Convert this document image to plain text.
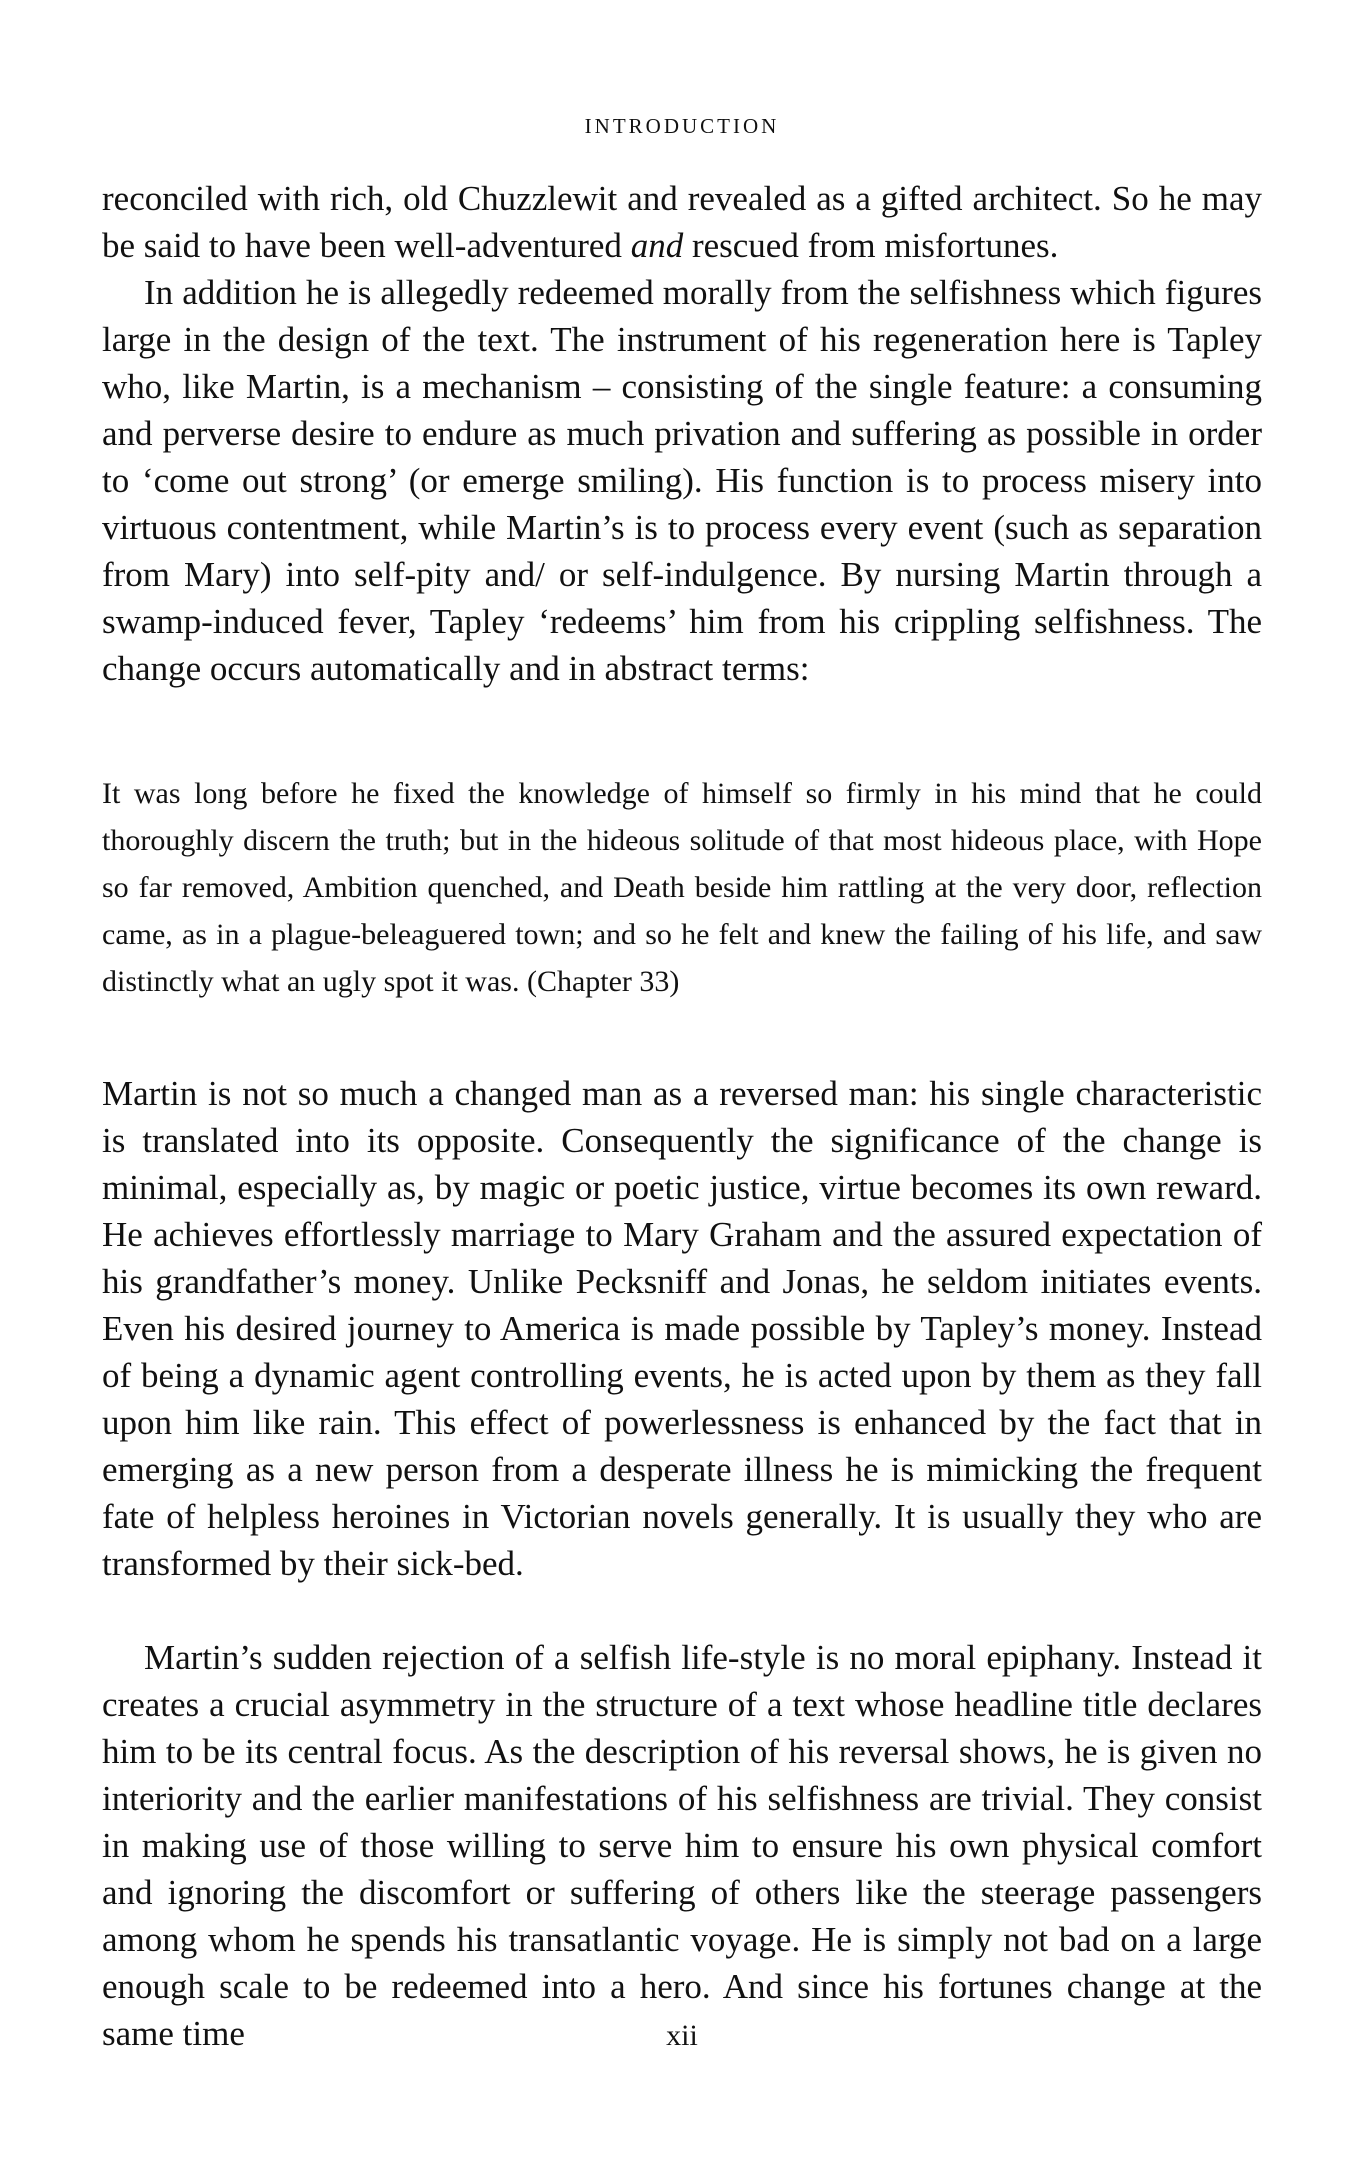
INTRODUCTION

reconciled with rich, old Chuzzlewit and revealed as a gifted architect. So he may be said to have been well-adventured and rescued from misfortunes.

In addition he is allegedly redeemed morally from the selfishness which figures large in the design of the text. The instrument of his regeneration here is Tapley who, like Martin, is a mechanism – consisting of the single feature: a consuming and perverse desire to endure as much privation and suffering as possible in order to ‘come out strong’ (or emerge smiling). His function is to process misery into virtuous contentment, while Martin’s is to process every event (such as separation from Mary) into self-pity and/ or self-indulgence. By nursing Martin through a swamp-induced fever, Tapley ‘redeems’ him from his crippling selfishness. The change occurs automatically and in abstract terms:

It was long before he fixed the knowledge of himself so firmly in his mind that he could thoroughly discern the truth; but in the hideous solitude of that most hideous place, with Hope so far removed, Ambition quenched, and Death beside him rattling at the very door, reflection came, as in a plague-beleaguered town; and so he felt and knew the failing of his life, and saw distinctly what an ugly spot it was. (Chapter 33)

Martin is not so much a changed man as a reversed man: his single characteristic is translated into its opposite. Consequently the significance of the change is minimal, especially as, by magic or poetic justice, virtue becomes its own reward. He achieves effortlessly marriage to Mary Graham and the assured expectation of his grandfather’s money. Unlike Pecksniff and Jonas, he seldom initiates events. Even his desired journey to America is made possible by Tapley’s money. Instead of being a dynamic agent controlling events, he is acted upon by them as they fall upon him like rain. This effect of powerlessness is enhanced by the fact that in emerging as a new person from a desperate illness he is mimicking the frequent fate of helpless heroines in Victorian novels generally. It is usually they who are transformed by their sick-bed.

Martin’s sudden rejection of a selfish life-style is no moral epiphany. Instead it creates a crucial asymmetry in the structure of a text whose headline title declares him to be its central focus. As the description of his reversal shows, he is given no interiority and the earlier manifestations of his selfishness are trivial. They consist in making use of those willing to serve him to ensure his own physical comfort and ignoring the discomfort or suffering of others like the steerage passengers among whom he spends his transatlantic voyage. He is simply not bad on a large enough scale to be redeemed into a hero. And since his fortunes change at the same time	xii
